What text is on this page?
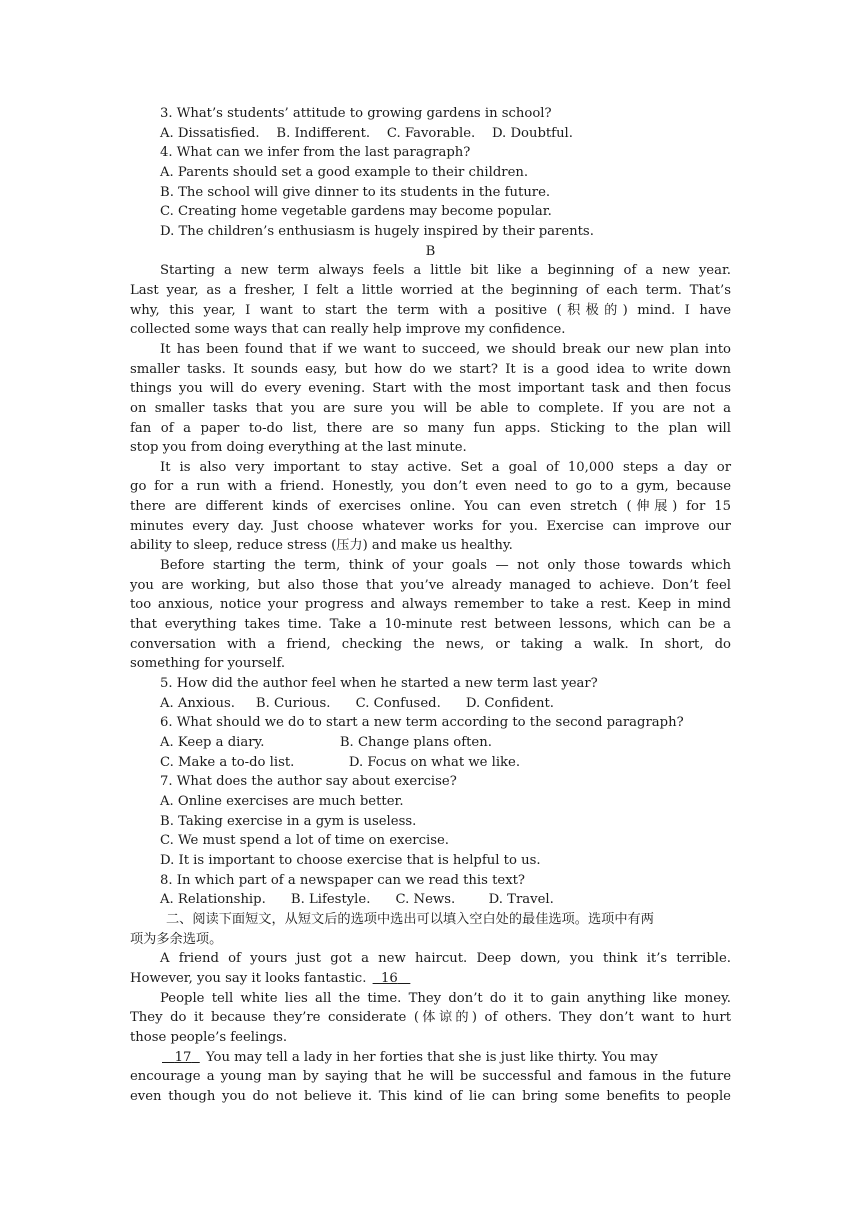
3. What’s students’ attitude to growing gardens in school?
A. Dissatisfied.    B. Indifferent.    C. Favorable.    D. Doubtful.
4. What can we infer from the last paragraph?
A. Parents should set a good example to their children.
B. The school will give dinner to its students in the future.
C. Creating home vegetable gardens may become popular.
D. The children’s enthusiasm is hugely inspired by their parents.
B
Starting a new term always feels a little bit like a beginning of a new year.
Last year, as a fresher, I felt a little worried at the beginning of each term. That’s
why, this year, I want to start the term with a positive (积极的) mind. I have
collected some ways that can really help improve my confidence.
It has been found that if we want to succeed, we should break our new plan into
smaller tasks. It sounds easy, but how do we start? It is a good idea to write down
things you will do every evening. Start with the most important task and then focus
on smaller tasks that you are sure you will be able to complete. If you are not a
fan of a paper to-do list, there are so many fun apps. Sticking to the plan will
stop you from doing everything at the last minute.
It is also very important to stay active. Set a goal of 10,000 steps a day or
go for a run with a friend. Honestly, you don’t even need to go to a gym, because
there are different kinds of exercises online. You can even stretch (伸展) for 15
minutes every day. Just choose whatever works for you. Exercise can improve our
ability to sleep, reduce stress (压力) and make us healthy.
Before starting the term, think of your goals — not only those towards which
you are working, but also those that you’ve already managed to achieve. Don’t feel
too anxious, notice your progress and always remember to take a rest. Keep in mind
that everything takes time. Take a 10-minute rest between lessons, which can be a
conversation with a friend, checking the news, or taking a walk. In short, do
something for yourself.
5. How did the author feel when he started a new term last year?
A. Anxious.     B. Curious.      C. Confused.      D. Confident.
6. What should we do to start a new term according to the second paragraph?
A. Keep a diary.                  B. Change plans often.
C. Make a to-do list.             D. Focus on what we like.
7. What does the author say about exercise?
A. Online exercises are much better.
B. Taking exercise in a gym is useless.
C. We must spend a lot of time on exercise.
D. It is important to choose exercise that is helpful to us.
8. In which part of a newspaper can we read this text?
A. Relationship.      B. Lifestyle.      C. News.        D. Travel.
二、阅读下面短文，从短文后的选项中选出可以填入空白处的最佳选项。选项中有两
项为多余选项。
A friend of yours just got a new haircut. Deep down, you think it’s terrible.
However, you say it looks fantastic.   16
People tell white lies all the time. They don’t do it to gain anything like money.
They do it because they’re considerate (体谅的) of others. They don’t want to hurt
those people’s feelings.
17   You may tell a lady in her forties that she is just like thirty. You may
encourage a young man by saying that he will be successful and famous in the future
even though you do not believe it. This kind of lie can bring some benefits to people
